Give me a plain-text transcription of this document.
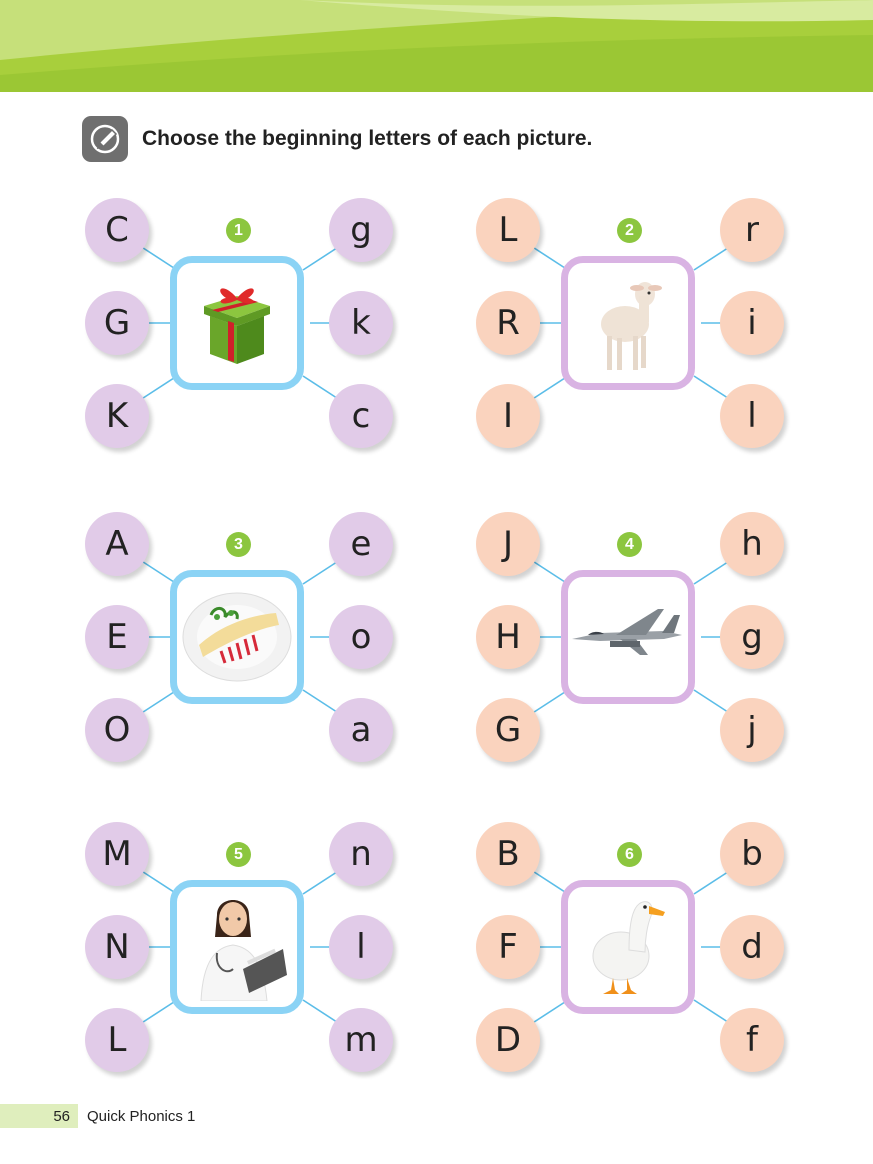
Choose the beginning letters of each picture.
1
C
G
K
g
k
c
2
L
R
I
r
i
l
3
A
E
O
e
o
a
4
J
H
G
h
g
j
5
M
N
L
n
l
m
6
B
F
D
b
d
f
56	Quick Phonics 1
